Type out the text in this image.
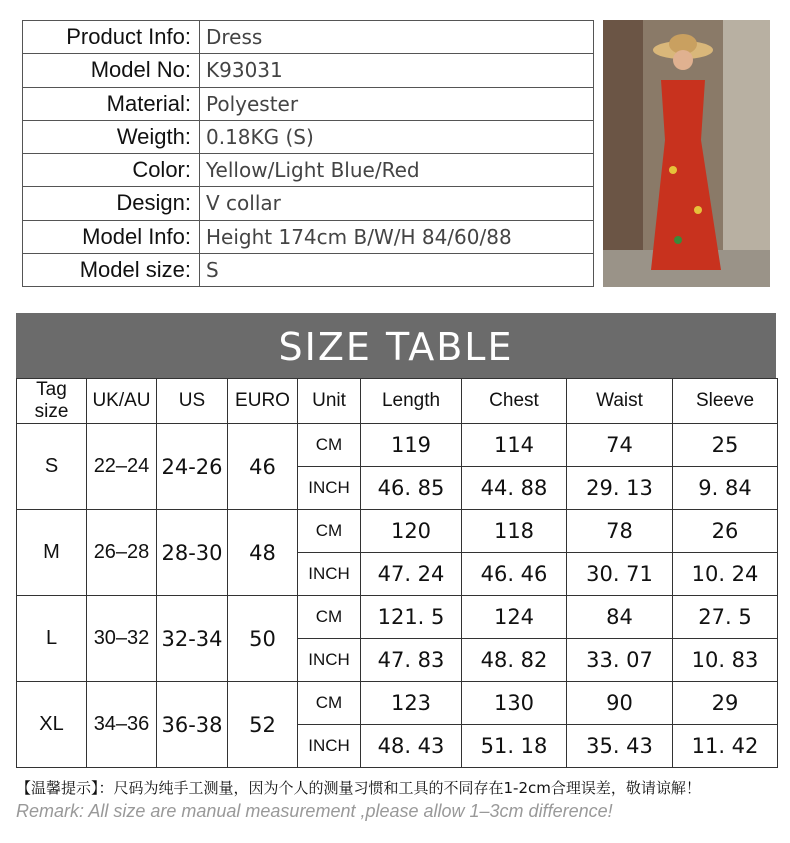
Product Info:	Dress
Model No:	K93031
Material:	Polyester
Weigth:	0.18KG (S)
Color:	Yellow/Light Blue/Red
Design:	V collar
Model Info:	Height 174cm B/W/H 84/60/88
Model size:	S
SIZE TABLE
Tag size	UK/AU	US	EURO	Unit	Length	Chest	Waist	Sleeve
S	22–24	24-26	46	CM	119	114	74	25
				INCH	46. 85	44. 88	29. 13	9. 84
M	26–28	28-30	48	CM	120	118	78	26
				INCH	47. 24	46. 46	30. 71	10. 24
L	30–32	32-34	50	CM	121. 5	124	84	27. 5
				INCH	47. 83	48. 82	33. 07	10. 83
XL	34–36	36-38	52	CM	123	130	90	29
				INCH	48. 43	51. 18	35. 43	11. 42
【温馨提示】：尺码为纯手工测量，因为个人的测量习惯和工具的不同存在1-2cm合理误差，敬请谅解！
Remark: All size are manual measurement ,please allow 1–3cm difference!
